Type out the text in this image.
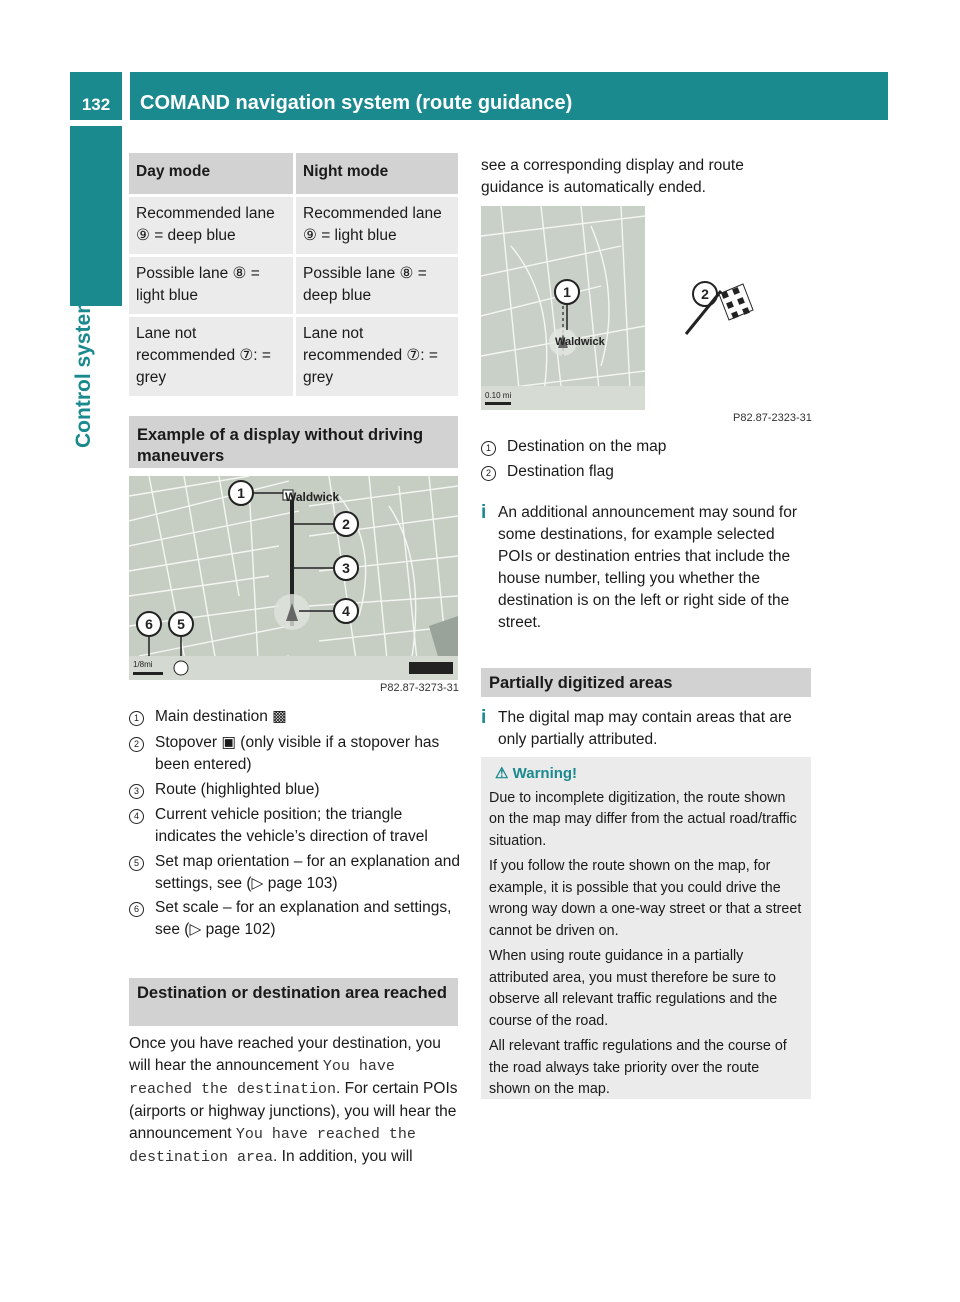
132	COMAND navigation system (route guidance)
Control systems
Day mode	Night mode
Recommended lane ⑨ = deep blue	Recommended lane ⑨ = light blue
Possible lane ⑧ = light blue	Possible lane ⑧ = deep blue
Lane not recommended ⑦: = grey	Lane not recommended ⑦: = grey
Example of a display without driving maneuvers
Waldwick
1
2
3
4
5
6
1/8mi
P82.87-3273-31
1	Main destination ▩
2	Stopover ▣ (only visible if a stopover has been entered)
3	Route (highlighted blue)
4	Current vehicle position; the triangle indicates the vehicle’s direction of travel
5	Set map orientation – for an explanation and settings, see (▷ page 103)
6	Set scale – for an explanation and settings, see (▷ page 102)
Destination or destination area reached
Once you have reached your destination, you will hear the announcement You have reached the destination. For certain POIs (airports or highway junctions), you will hear the announcement You have reached the destination area. In addition, you will
see a corresponding display and route guidance is automatically ended.
Waldwick
1
0.10 mi
2
P82.87-2323-31
1	Destination on the map
2	Destination flag
i An additional announcement may sound for some destinations, for example selected POIs or destination entries that include the house number, telling you whether the destination is on the left or right side of the street.
Partially digitized areas
i The digital map may contain areas that are only partially attributed.
⚠ Warning!

Due to incomplete digitization, the route shown on the map may differ from the actual road/traffic situation.

If you follow the route shown on the map, for example, it is possible that you could drive the wrong way down a one-way street or that a street cannot be driven on.

When using route guidance in a partially attributed area, you must therefore be sure to observe all relevant traffic regulations and the course of the road.

All relevant traffic regulations and the course of the road always take priority over the route shown on the map.
